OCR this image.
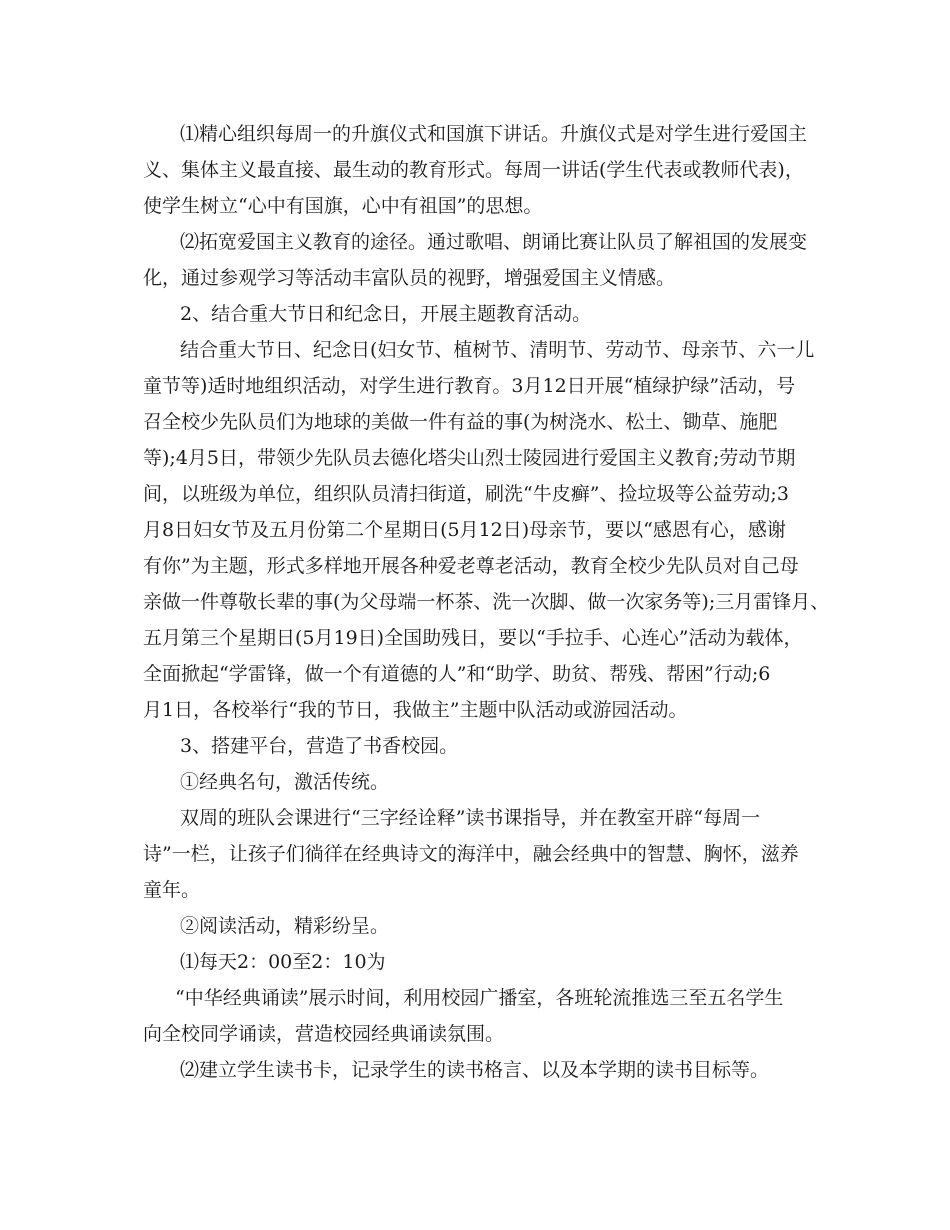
⑴精心组织每周一的升旗仪式和国旗下讲话。升旗仪式是对学生进行爱国主
义、集体主义最直接、最生动的教育形式。每周一讲话(学生代表或教师代表)，
使学生树立“心中有国旗，心中有祖国”的思想。
⑵拓宽爱国主义教育的途径。通过歌唱、朗诵比赛让队员了解祖国的发展变
化，通过参观学习等活动丰富队员的视野，增强爱国主义情感。
2、结合重大节日和纪念日，开展主题教育活动。
结合重大节日、纪念日(妇女节、植树节、清明节、劳动节、母亲节、六一儿
童节等)适时地组织活动，对学生进行教育。3月12日开展“植绿护绿”活动，号
召全校少先队员们为地球的美做一件有益的事(为树浇水、松土、锄草、施肥
等);4月5日，带领少先队员去德化塔尖山烈士陵园进行爱国主义教育;劳动节期
间，以班级为单位，组织队员清扫街道，刷洗“牛皮癣”、捡垃圾等公益劳动;3
月8日妇女节及五月份第二个星期日(5月12日)母亲节，要以“感恩有心，感谢
有你”为主题，形式多样地开展各种爱老尊老活动，教育全校少先队员对自己母
亲做一件尊敬长辈的事(为父母端一杯茶、洗一次脚、做一次家务等);三月雷锋月、
五月第三个星期日(5月19日)全国助残日，要以“手拉手、心连心”活动为载体，
全面掀起“学雷锋，做一个有道德的人”和“助学、助贫、帮残、帮困”行动;6
月1日，各校举行“我的节日，我做主”主题中队活动或游园活动。
3、搭建平台，营造了书香校园。
①经典名句，激活传统。
双周的班队会课进行“三字经诠释”读书课指导，并在教室开辟“每周一
诗”一栏，让孩子们徜徉在经典诗文的海洋中，融会经典中的智慧、胸怀，滋养
童年。
②阅读活动，精彩纷呈。
⑴每天2：00至2：10为
“中华经典诵读”展示时间，利用校园广播室，各班轮流推选三至五名学生
向全校同学诵读，营造校园经典诵读氛围。
⑵建立学生读书卡，记录学生的读书格言、以及本学期的读书目标等。
